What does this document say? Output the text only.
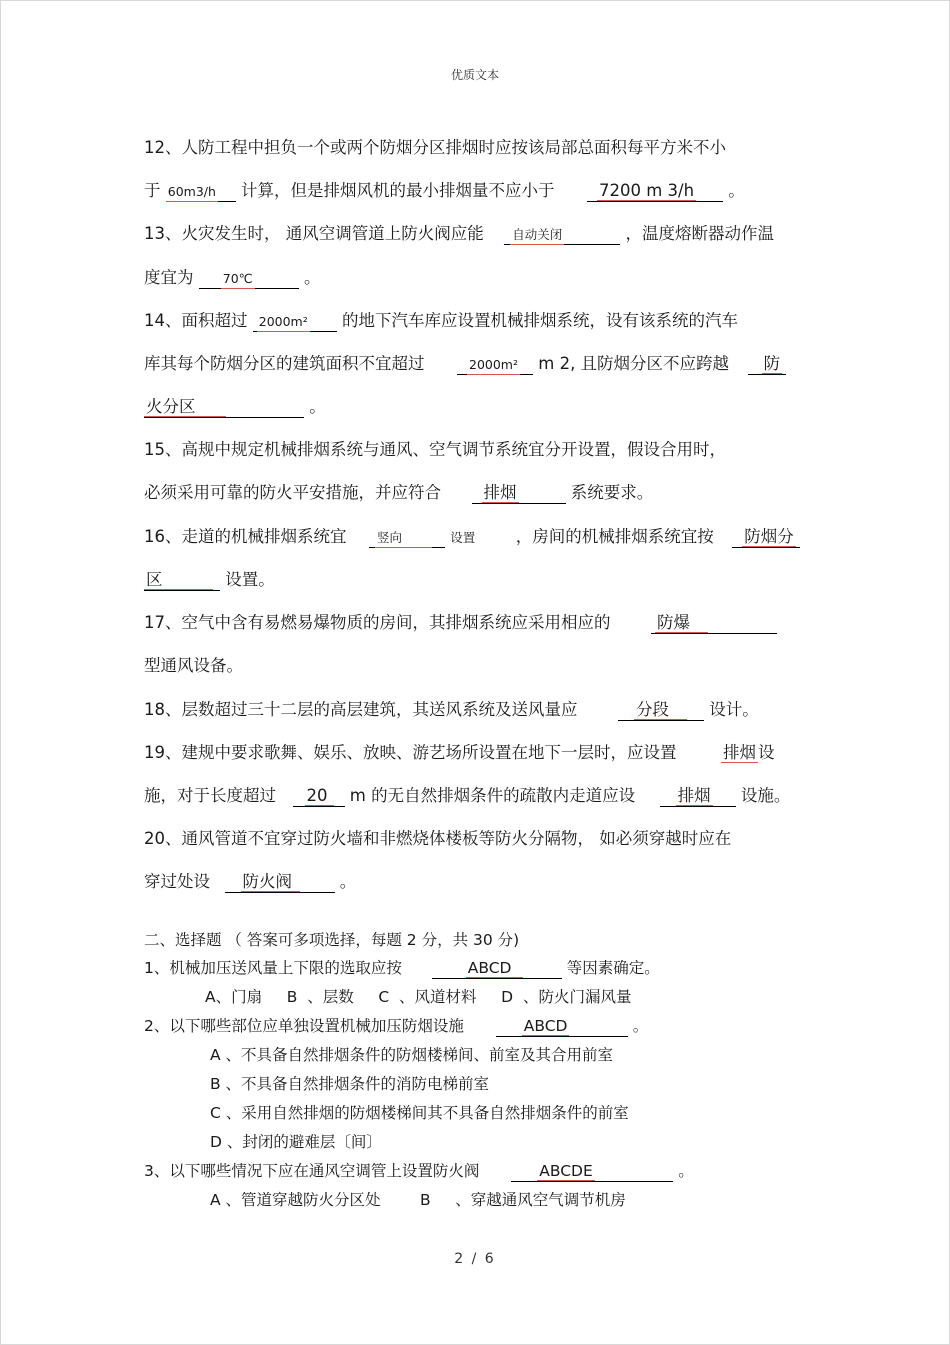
优质文本
12、人防工程中担负一个或两个防烟分区排烟时应按该局部总面积每平方米不小
于 60m3/h 计算，但是排烟风机的最小排烟量不应小于	7200 m 3/h 。
13、火灾发生时， 通风空调管道上防火阀应能 自动关闭	，温度熔断器动作温
度宜为 70℃	。
14、面积超过 2000m² 的地下汽车库应设置机械排烟系统，设有该系统的汽车
库其每个防烟分区的建筑面积不宜超过	2000m² m 2, 且防烟分区不应跨越 防
火分区	。
15、高规中规定机械排烟系统与通风、空气调节系统宜分开设置，假设合用时，
必须采用可靠的防火平安措施，并应符合	排烟	系统要求。
16、走道的机械排烟系统宜 竖向	设置 ，房间的机械排烟系统宜按 防烟分
区	设置。
17、空气中含有易燃易爆物质的房间，其排烟系统应采用相应的	防爆
型通风设备。
18、层数超过三十二层的高层建筑，其送风系统及送风量应	分段 设计。
19、建规中要求歌舞、娱乐、放映、游艺场所设置在地下一层时，应设置	排烟 设
施，对于长度超过 20 m 的无自然排烟条件的疏散内走道应设	排烟 设施。
20、通风管道不宜穿过防火墙和非燃烧体楼板等防火分隔物， 如必须穿越时应在
穿过处设 防火阀	。
二、选择题 （ 答案可多项选择，每题 2 分，共 30 分)
1、机械加压送风量上下限的选取应按	ABCD	等因素确定。
A、门扇     B  、层数     C  、风道材料     D  、防火门漏风量
2、以下哪些部位应单独设置机械加压防烟设施	ABCD	。
A 、不具备自然排烟条件的防烟楼梯间、前室及其合用前室
B 、不具备自然排烟条件的消防电梯前室
C 、采用自然排烟的防烟楼梯间其不具备自然排烟条件的前室
D 、封闭的避难层〔间〕
3、以下哪些情况下应在通风空调管上设置防火阀	ABCDE	。
A 、管道穿越防火分区处        B     、穿越通风空气调节机房
2 / 6
